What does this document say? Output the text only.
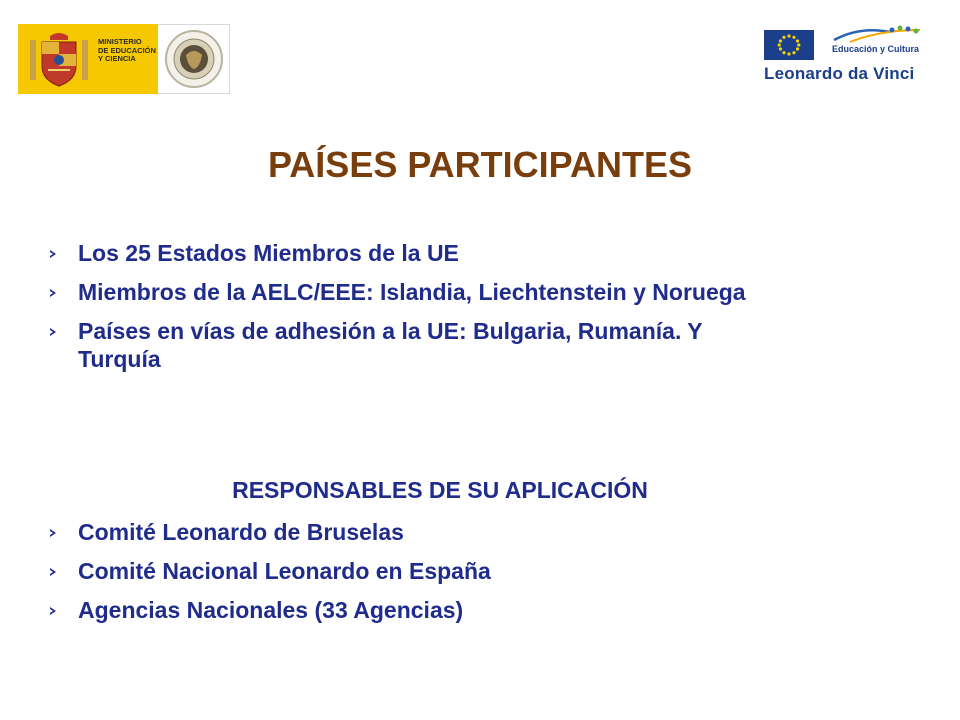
MINISTERIO
DE EDUCACIÓN
Y CIENCIA
Educación y Cultura
Leonardo da Vinci
PAÍSES PARTICIPANTES
Los 25 Estados Miembros de la UE
Miembros de la AELC/EEE: Islandia, Liechtenstein y Noruega
Países en vías de adhesión a la UE: Bulgaria, Rumanía. Y Turquía
RESPONSABLES DE SU APLICACIÓN
Comité Leonardo de Bruselas
Comité Nacional Leonardo en España
Agencias Nacionales (33 Agencias)
